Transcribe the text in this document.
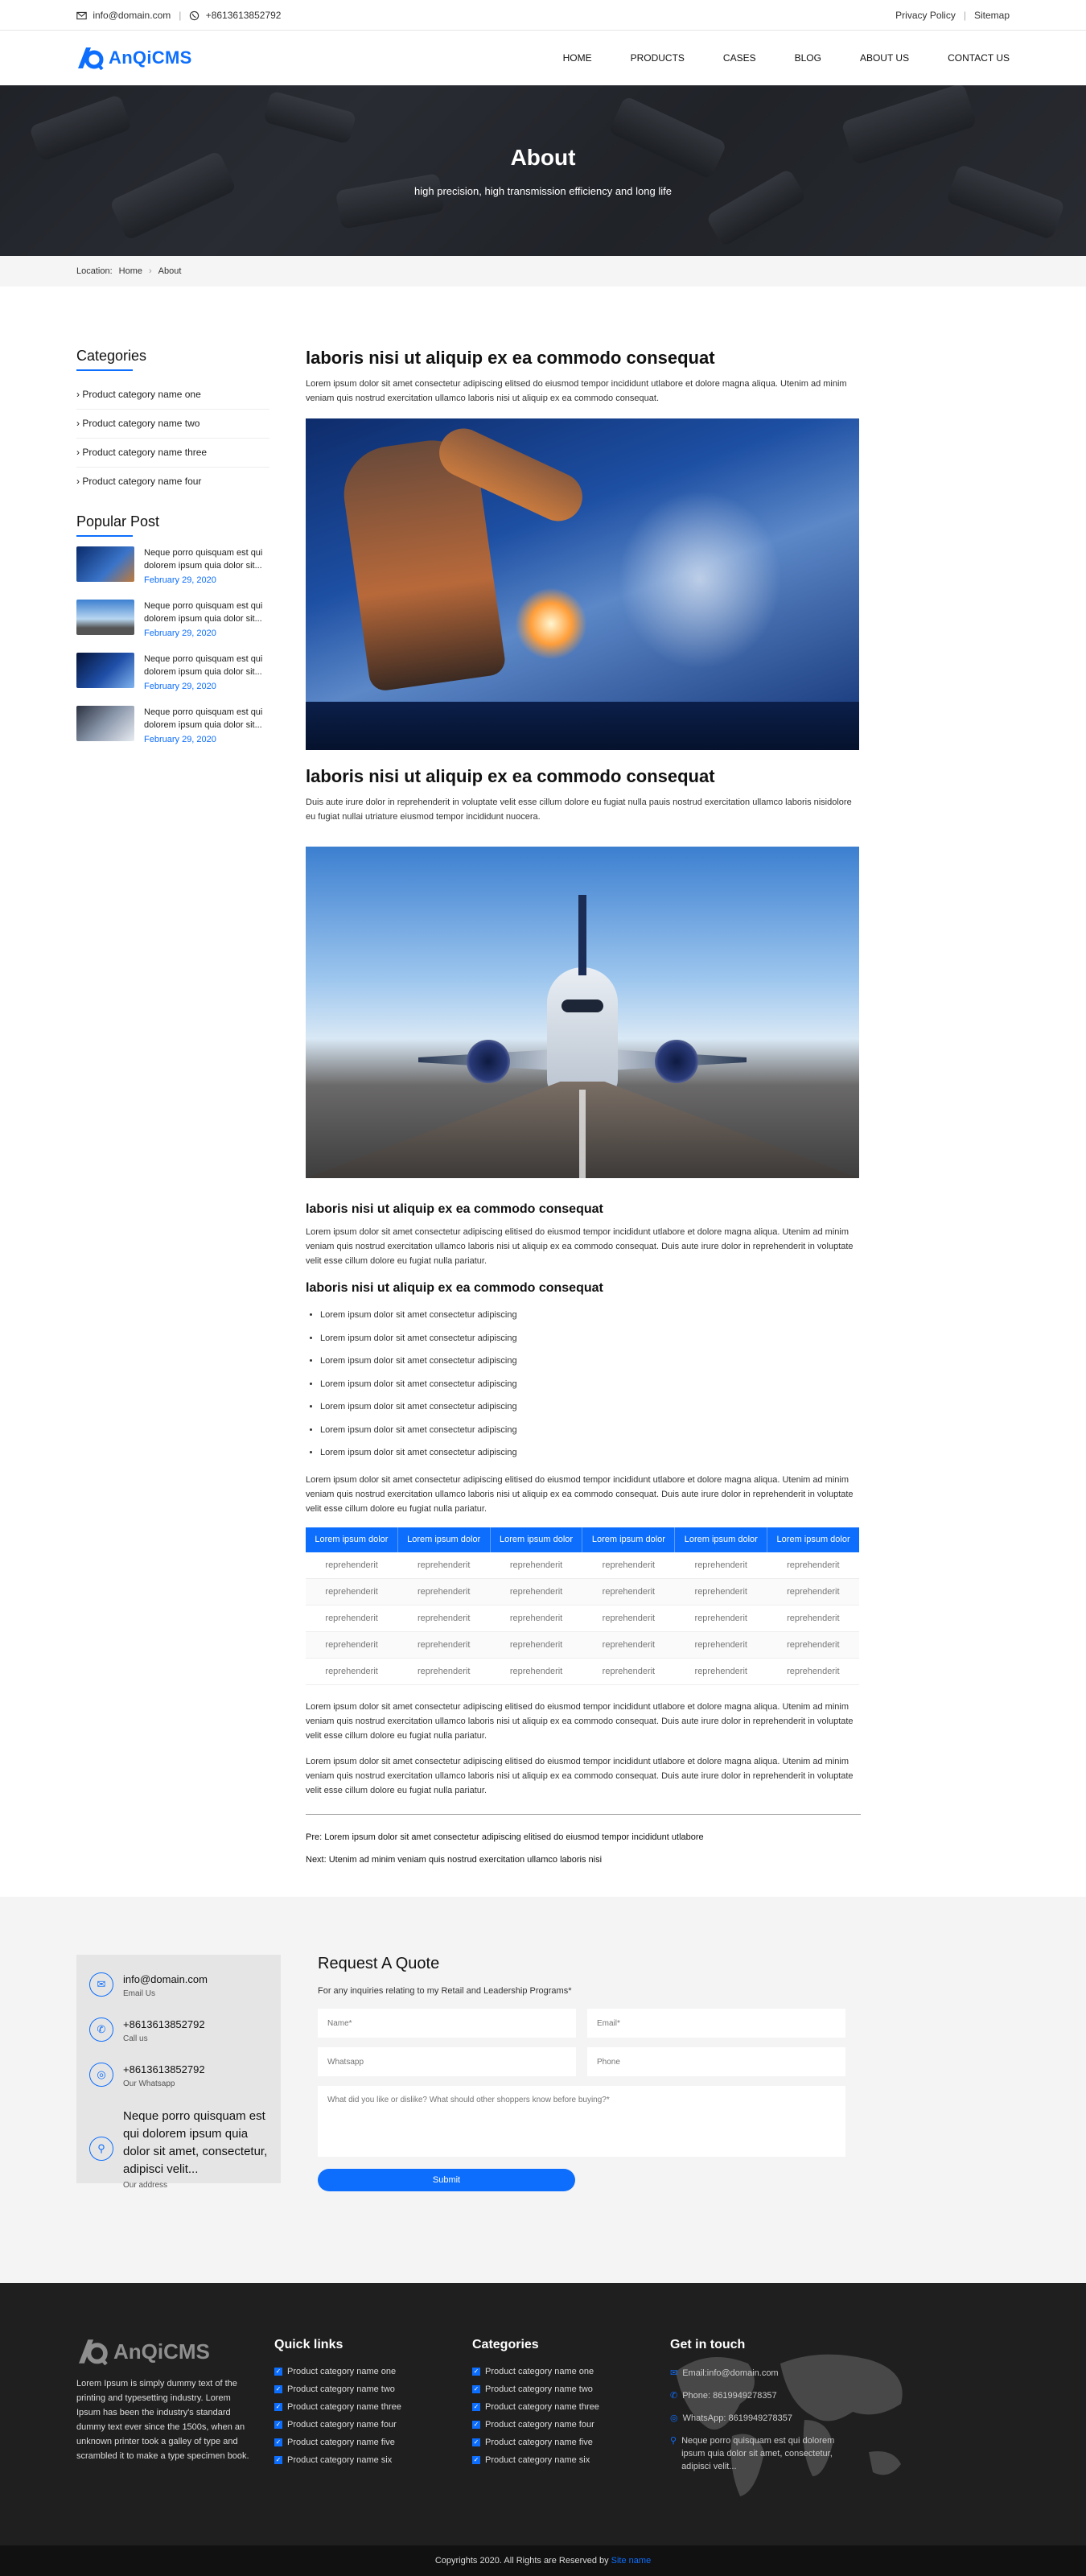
info@domain.com |	+8613613852792	Privacy Policy | Sitemap
AnQiCMS	HOME	PRODUCTS	CASES	BLOG	ABOUT US	CONTACT US
About
high precision, high transmission efficiency and long life
Location: Home › About
Categories
› Product category name one
› Product category name two
› Product category name three
› Product category name four
Popular Post
Neque porro quisquam est qui dolorem ipsum quia dolor sit...
February 29, 2020
Neque porro quisquam est qui dolorem ipsum quia dolor sit...
February 29, 2020
Neque porro quisquam est qui dolorem ipsum quia dolor sit...
February 29, 2020
Neque porro quisquam est qui dolorem ipsum quia dolor sit...
February 29, 2020
laboris nisi ut aliquip ex ea commodo consequat
Lorem ipsum dolor sit amet consectetur adipiscing elitsed do eiusmod tempor incididunt utlabore et dolore magna aliqua. Utenim ad minim veniam quis nostrud exercitation ullamco laboris nisi ut aliquip ex ea commodo consequat.
laboris nisi ut aliquip ex ea commodo consequat
Duis aute irure dolor in reprehenderit in voluptate velit esse cillum dolore eu fugiat nulla pauis nostrud exercitation ullamco laboris nisidolore eu fugiat nullai utriature eiusmod tempor incididunt nuocera.
laboris nisi ut aliquip ex ea commodo consequat
Lorem ipsum dolor sit amet consectetur adipiscing elitised do eiusmod tempor incididunt utlabore et dolore magna aliqua. Utenim ad minim veniam quis nostrud exercitation ullamco laboris nisi ut aliquip ex ea commodo consequat. Duis aute irure dolor in reprehenderit in voluptate velit esse cillum dolore eu fugiat nulla pariatur.
laboris nisi ut aliquip ex ea commodo consequat
• Lorem ipsum dolor sit amet consectetur adipiscing
• Lorem ipsum dolor sit amet consectetur adipiscing
• Lorem ipsum dolor sit amet consectetur adipiscing
• Lorem ipsum dolor sit amet consectetur adipiscing
• Lorem ipsum dolor sit amet consectetur adipiscing
• Lorem ipsum dolor sit amet consectetur adipiscing
• Lorem ipsum dolor sit amet consectetur adipiscing
Lorem ipsum dolor sit amet consectetur adipiscing elitised do eiusmod tempor incididunt utlabore et dolore magna aliqua. Utenim ad minim veniam quis nostrud exercitation ullamco laboris nisi ut aliquip ex ea commodo consequat. Duis aute irure dolor in reprehenderit in voluptate velit esse cillum dolore eu fugiat nulla pariatur.
Lorem ipsum dolor	Lorem ipsum dolor	Lorem ipsum dolor	Lorem ipsum dolor	Lorem ipsum dolor	Lorem ipsum dolor
reprehenderit	reprehenderit	reprehenderit	reprehenderit	reprehenderit	reprehenderit
reprehenderit	reprehenderit	reprehenderit	reprehenderit	reprehenderit	reprehenderit
reprehenderit	reprehenderit	reprehenderit	reprehenderit	reprehenderit	reprehenderit
reprehenderit	reprehenderit	reprehenderit	reprehenderit	reprehenderit	reprehenderit
reprehenderit	reprehenderit	reprehenderit	reprehenderit	reprehenderit	reprehenderit
Lorem ipsum dolor sit amet consectetur adipiscing elitised do eiusmod tempor incididunt utlabore et dolore magna aliqua. Utenim ad minim veniam quis nostrud exercitation ullamco laboris nisi ut aliquip ex ea commodo consequat. Duis aute irure dolor in reprehenderit in voluptate velit esse cillum dolore eu fugiat nulla pariatur.
Lorem ipsum dolor sit amet consectetur adipiscing elitised do eiusmod tempor incididunt utlabore et dolore magna aliqua. Utenim ad minim veniam quis nostrud exercitation ullamco laboris nisi ut aliquip ex ea commodo consequat. Duis aute irure dolor in reprehenderit in voluptate velit esse cillum dolore eu fugiat nulla pariatur.
Pre: Lorem ipsum dolor sit amet consectetur adipiscing elitised do eiusmod tempor incididunt utlabore
Next: Utenim ad minim veniam quis nostrud exercitation ullamco laboris nisi
✉	info@domain.com
Email Us
✆	+8613613852792
Call us
◎	+8613613852792
Our Whatsapp
⚲
Neque porro quisquam est qui dolorem ipsum quia dolor sit amet, consectetur, adipisci velit...
Our address
Request A Quote
For any inquiries relating to my Retail and Leadership Programs*
Name*
Email*
Whatsapp
Phone
What did you like or dislike? What should other shoppers know before buying?* Submit
AnQiCMS
Lorem Ipsum is simply dummy text of the printing and typesetting industry. Lorem Ipsum has been the industry's standard dummy text ever since the 1500s, when an unknown printer took a galley of type and scrambled it to make a type specimen book.
Quick links
✓ Product category name one
✓ Product category name two
✓ Product category name three
✓ Product category name four
✓ Product category name five
✓ Product category name six
Categories
✓ Product category name one
✓ Product category name two
✓ Product category name three
✓ Product category name four
✓ Product category name five
✓ Product category name six
Get in touch
✉ Email:info@domain.com
✆ Phone: 8619949278357
◎ WhatsApp: 8619949278357
⚲ Neque porro quisquam est qui dolorem ipsum quia dolor sit amet, consectetur, adipisci velit...
Copyrights 2020. All Rights are Reserved by Site name
